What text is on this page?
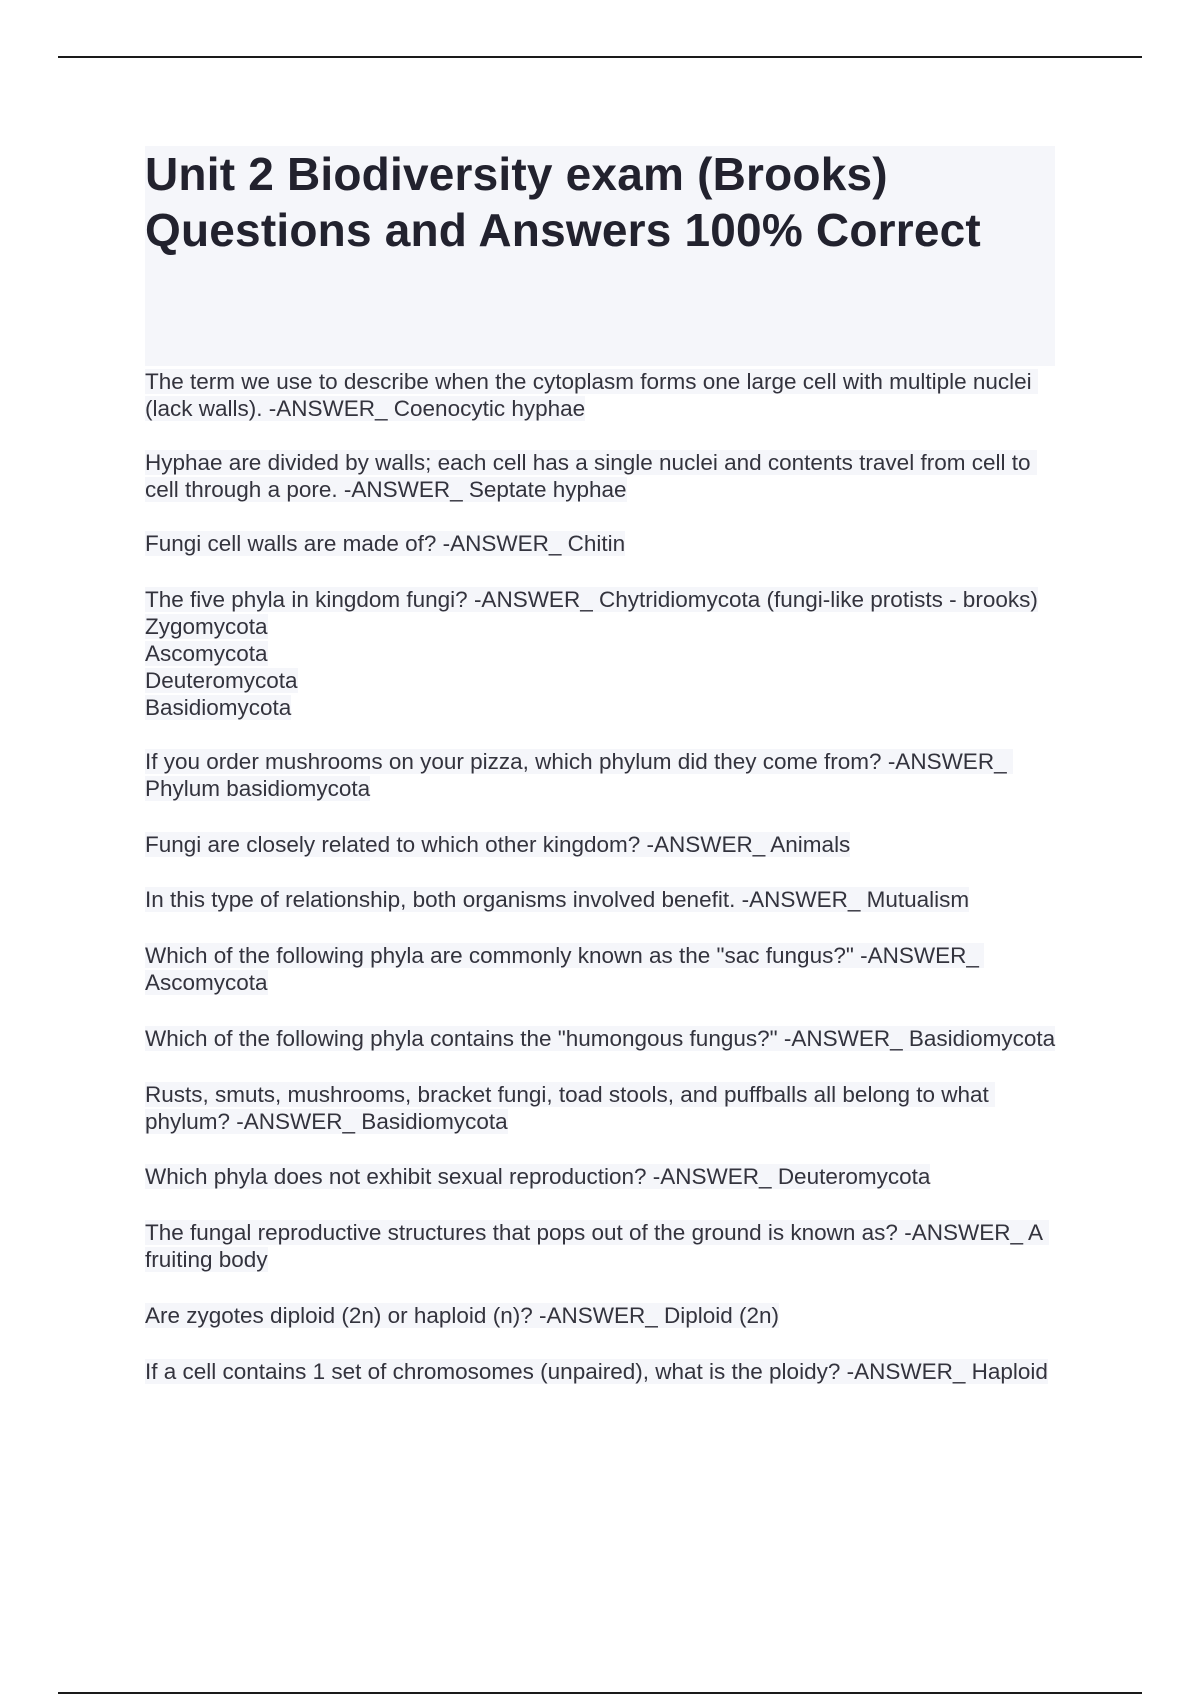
Unit 2 Biodiversity exam (Brooks) Questions and Answers 100% Correct
The term we use to describe when the cytoplasm forms one large cell with multiple nuclei (lack walls). -ANSWER_ Coenocytic hyphae
Hyphae are divided by walls; each cell has a single nuclei and contents travel from cell to cell through a pore. -ANSWER_ Septate hyphae
Fungi cell walls are made of? -ANSWER_ Chitin
The five phyla in kingdom fungi? -ANSWER_ Chytridiomycota (fungi-like protists - brooks)
Zygomycota
Ascomycota
Deuteromycota
Basidiomycota
If you order mushrooms on your pizza, which phylum did they come from? -ANSWER_ Phylum basidiomycota
Fungi are closely related to which other kingdom? -ANSWER_ Animals
In this type of relationship, both organisms involved benefit. -ANSWER_ Mutualism
Which of the following phyla are commonly known as the "sac fungus?" -ANSWER_ Ascomycota
Which of the following phyla contains the "humongous fungus?" -ANSWER_ Basidiomycota
Rusts, smuts, mushrooms, bracket fungi, toad stools, and puffballs all belong to what phylum? -ANSWER_ Basidiomycota
Which phyla does not exhibit sexual reproduction? -ANSWER_ Deuteromycota
The fungal reproductive structures that pops out of the ground is known as? -ANSWER_ A fruiting body
Are zygotes diploid (2n) or haploid (n)? -ANSWER_ Diploid (2n)
If a cell contains 1 set of chromosomes (unpaired), what is the ploidy? -ANSWER_ Haploid
